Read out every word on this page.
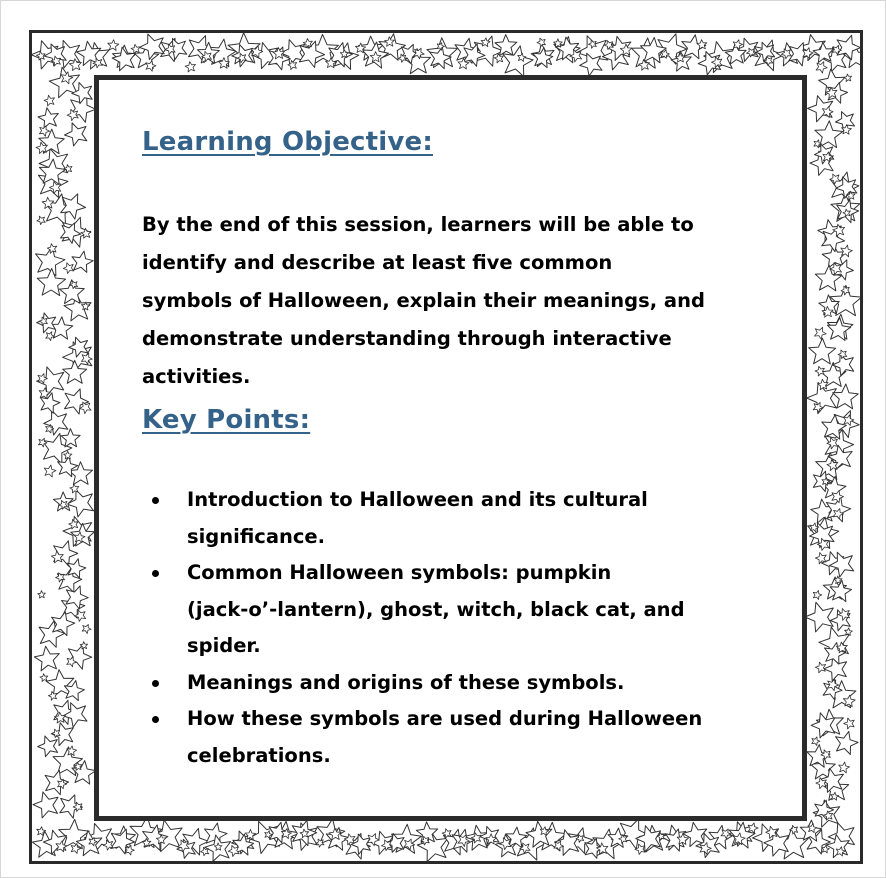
Learning Objective:

By the end of this session, learners will be able to
identify and describe at least five common
symbols of Halloween, explain their meanings, and
demonstrate understanding through interactive
activities.

Key Points:
Introduction to Halloween and its cultural
significance.
Common Halloween symbols: pumpkin
(jack-o’-lantern), ghost, witch, black cat, and
spider.
Meanings and origins of these symbols.
How these symbols are used during Halloween
celebrations.
